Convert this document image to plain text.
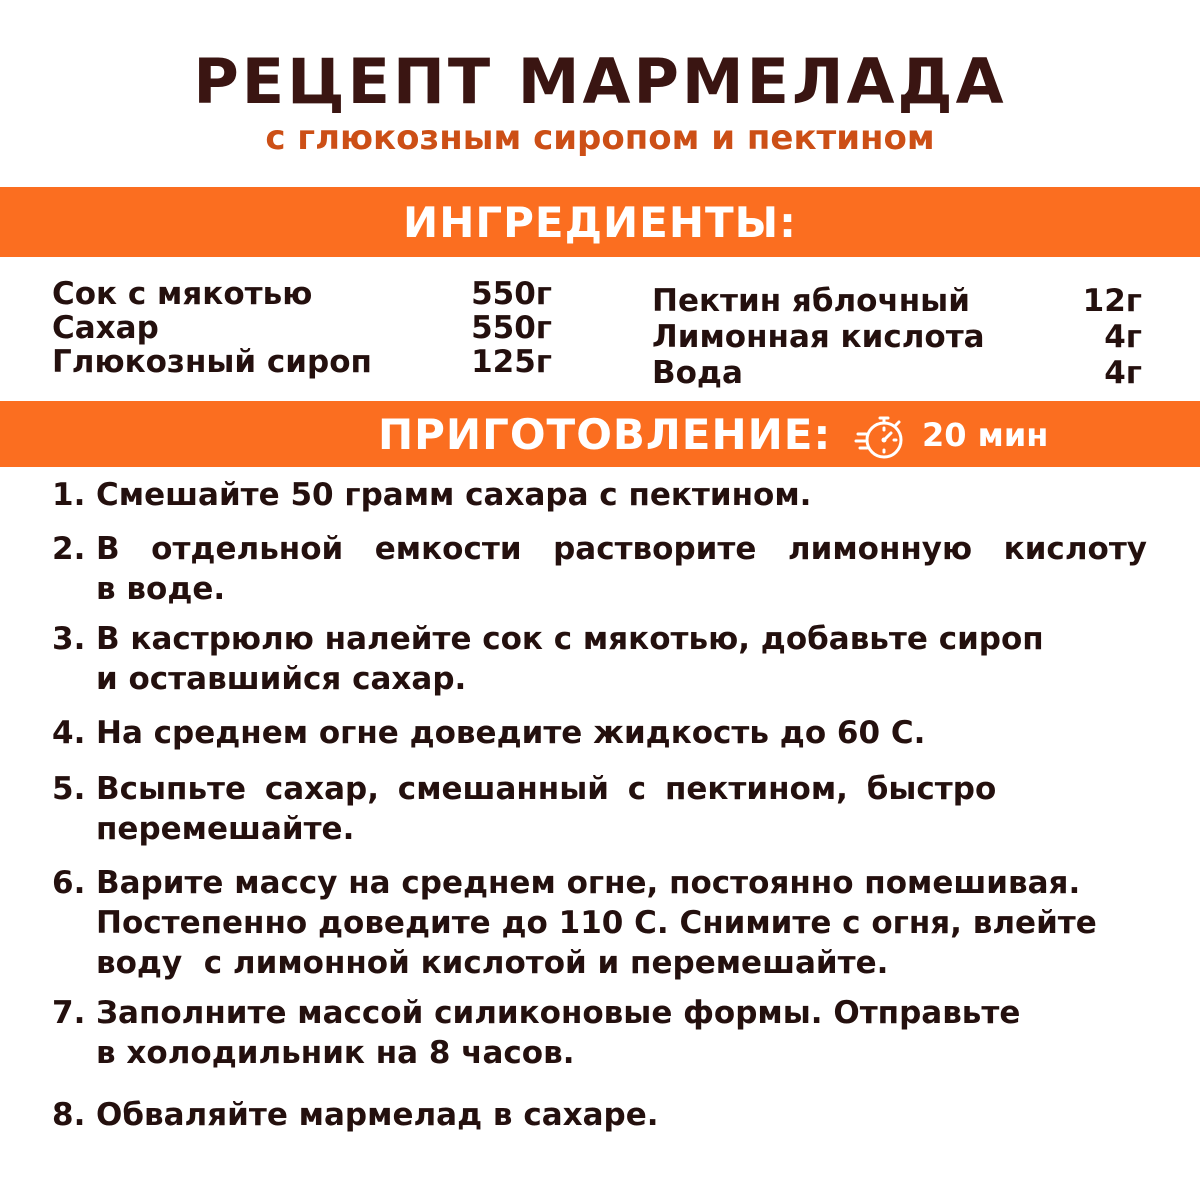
РЕЦЕПТ МАРМЕЛАДА
с глюкозным сиропом и пектином
ИНГРЕДИЕНТЫ:
Сок с мякотью	550г
Сахар	550г
Глюкозный сироп	125г
Пектин яблочный	12г
Лимонная кислота	4г
Вода	4г
ПРИГОТОВЛЕНИЕ:	20 мин
1. Смешайте 50 грамм сахара с пектином.
2. В отдельной емкости растворите лимонную кислоту
в воде.
3. В кастрюлю налейте сок с мякотью, добавьте сироп
и оставшийся сахар.
4. На среднем огне доведите жидкость до 60 С.
5. Всыпьте сахар, смешанный с пектином, быстро
перемешайте.
6. Варите массу на среднем огне, постоянно помешивая.
Постепенно доведите до 110 С. Снимите с огня, влейте
воду  с лимонной кислотой и перемешайте.
7. Заполните массой силиконовые формы. Отправьте
в холодильник на 8 часов.
8. Обваляйте мармелад в сахаре.
